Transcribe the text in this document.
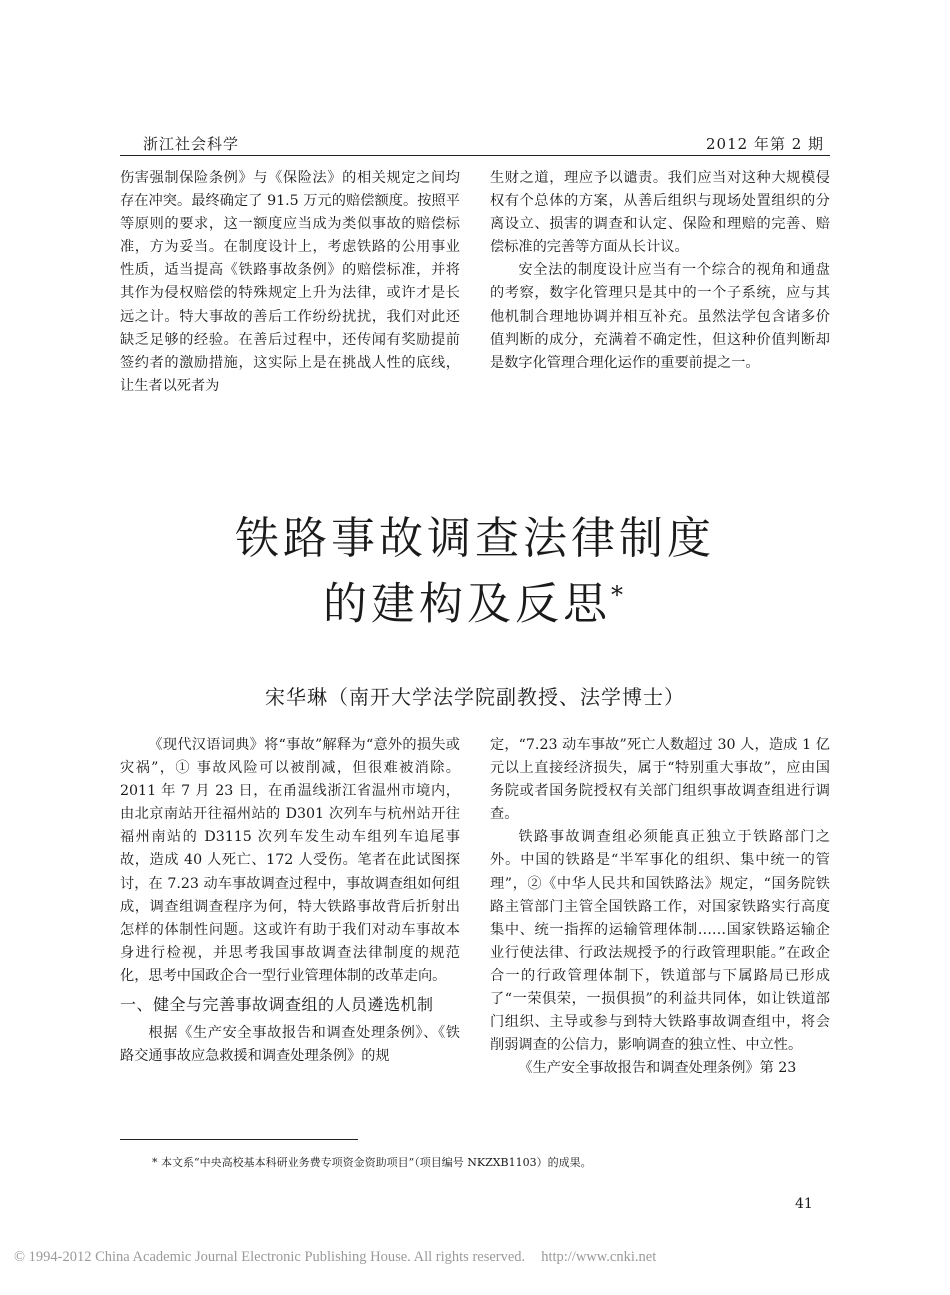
浙江社会科学	2012 年第 2 期

伤害强制保险条例》与《保险法》的相关规定之间均存在冲突。最终确定了 91.5 万元的赔偿额度。按照平等原则的要求，这一额度应当成为类似事故的赔偿标准，方为妥当。在制度设计上，考虑铁路的公用事业性质，适当提高《铁路事故条例》的赔偿标准，并将其作为侵权赔偿的特殊规定上升为法律，或许才是长远之计。特大事故的善后工作纷纷扰扰，我们对此还缺乏足够的经验。在善后过程中，还传闻有奖励提前签约者的激励措施，这实际上是在挑战人性的底线，让生者以死者为

生财之道，理应予以谴责。我们应当对这种大规模侵权有个总体的方案，从善后组织与现场处置组织的分离设立、损害的调查和认定、保险和理赔的完善、赔偿标准的完善等方面从长计议。

安全法的制度设计应当有一个综合的视角和通盘的考察，数字化管理只是其中的一个子系统，应与其他机制合理地协调并相互补充。虽然法学包含诸多价值判断的成分，充满着不确定性，但这种价值判断却是数字化管理合理化运作的重要前提之一。

铁路事故调查法律制度
的建构及反思*
宋华琳（南开大学法学院副教授、法学博士）

《现代汉语词典》将“事故”解释为“意外的损失或灾祸”，① 事故风险可以被削减，但很难被消除。2011 年 7 月 23 日，在甬温线浙江省温州市境内，由北京南站开往福州站的 D301 次列车与杭州站开往福州南站的 D3115 次列车发生动车组列车追尾事故，造成 40 人死亡、172 人受伤。笔者在此试图探讨，在 7.23 动车事故调查过程中，事故调查组如何组成，调查组调查程序为何，特大铁路事故背后折射出怎样的体制性问题。这或许有助于我们对动车事故本身进行检视，并思考我国事故调查法律制度的规范化，思考中国政企合一型行业管理体制的改革走向。

一、健全与完善事故调查组的人员遴选机制

根据《生产安全事故报告和调查处理条例》、《铁路交通事故应急救援和调查处理条例》的规

定，“7.23 动车事故”死亡人数超过 30 人，造成 1 亿元以上直接经济损失，属于“特别重大事故”，应由国务院或者国务院授权有关部门组织事故调查组进行调查。

铁路事故调查组必须能真正独立于铁路部门之外。中国的铁路是“半军事化的组织、集中统一的管理”，②《中华人民共和国铁路法》规定，“国务院铁路主管部门主管全国铁路工作，对国家铁路实行高度集中、统一指挥的运输管理体制……国家铁路运输企业行使法律、行政法规授予的行政管理职能。”在政企合一的行政管理体制下，铁道部与下属路局已形成了“一荣俱荣，一损俱损”的利益共同体，如让铁道部门组织、主导或参与到特大铁路事故调查组中，将会削弱调查的公信力，影响调查的独立性、中立性。

《生产安全事故报告和调查处理条例》第 23

* 本文系“中央高校基本科研业务费专项资金资助项目”（项目编号 NKZXB1103）的成果。
41
© 1994-2012 China Academic Journal Electronic Publishing House. All rights reserved. http://www.cnki.net
